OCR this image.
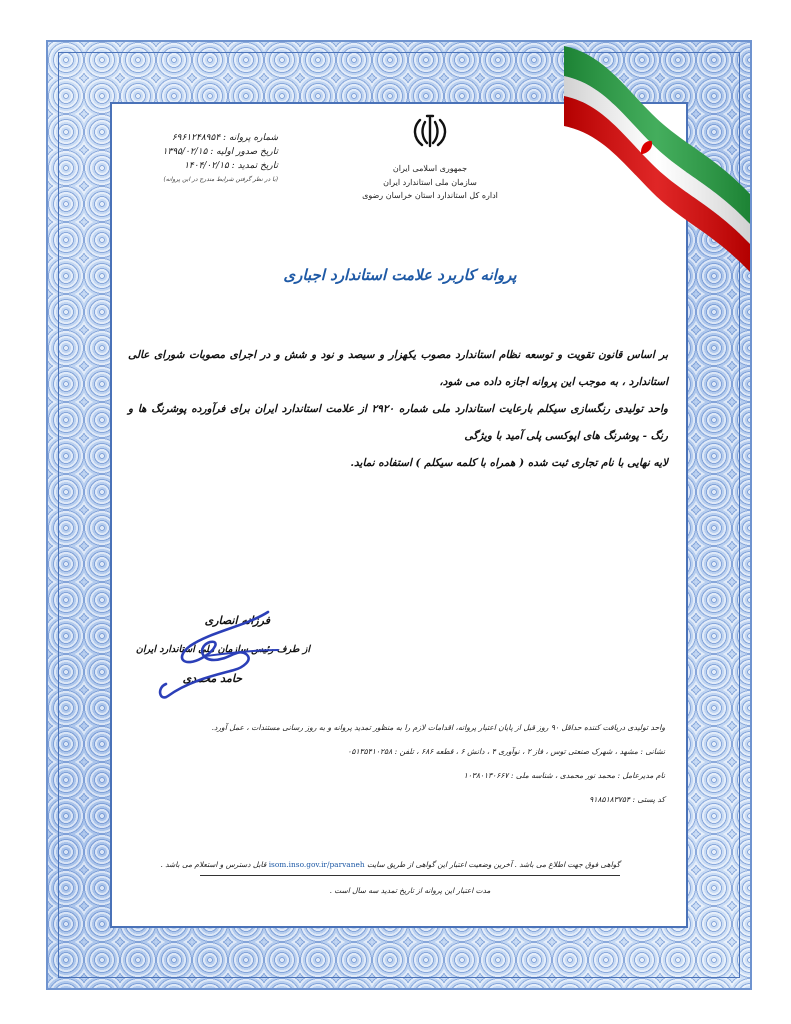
جمهوری اسلامی ایران
سازمان ملی استاندارد ایران
اداره کل استاندارد استان خراسان رضوی
شماره پروانه : ۶۹۶۱۲۴۸۹۵۴
تاریخ صدور اولیه : ۱۳۹۵/۰۲/۱۵
تاریخ تمدید : ۱۴۰۴/۰۲/۱۵
(با در نظر گرفتن شرایط مندرج در این پروانه)
پروانه کاربرد علامت استاندارد اجباری
بر اساس قانون تقویت و توسعه نظام استاندارد مصوب یکهزار و سیصد و نود و شش و در اجرای مصوبات شورای عالی استاندارد ، به موجب این پروانه اجازه داده می شود،
واحد تولیدی رنگسازی سیکلم بارعایت استاندارد ملی شماره ۲۹۲۰ از علامت استاندارد ایران برای فرآورده پوشرنگ ها و رنگ - پوشرنگ های اپوکسی پلی آمید با ویژگی
لایه نهایی با نام تجاری ثبت شده ( همراه با کلمه سیکلم ) استفاده نماید.
فرزانه انصاری
از طرف رئیس سازمان ملی استاندارد ایران
حامد محمدی
واحد تولیدی دریافت کننده حداقل ۹۰ روز قبل از پایان اعتبار پروانه، اقدامات لازم را به منظور تمدید پروانه و به روز رسانی مستندات ، عمل آورد.
نشانی : مشهد ، شهرک صنعتی توس ، فاز ۲ ، نوآوری ۴ ، دانش ۶ ، قطعه ۶۸۶ ، تلفن : ۰۵۱۳۵۴۱۰۲۵۸
نام مدیرعامل : محمد نور محمدی ، شناسه ملی : ۱۰۳۸۰۱۳۰۶۶۷
کد پستی : ۹۱۸۵۱۸۳۷۵۴
گواهی فوق جهت اطلاع می باشد . آخرین وضعیت اعتبار این گواهی از طریق سایت isom.inso.gov.ir/parvaneh قابل دسترس و استعلام می باشد .
مدت اعتبار این پروانه از تاریخ تمدید سه سال است .
